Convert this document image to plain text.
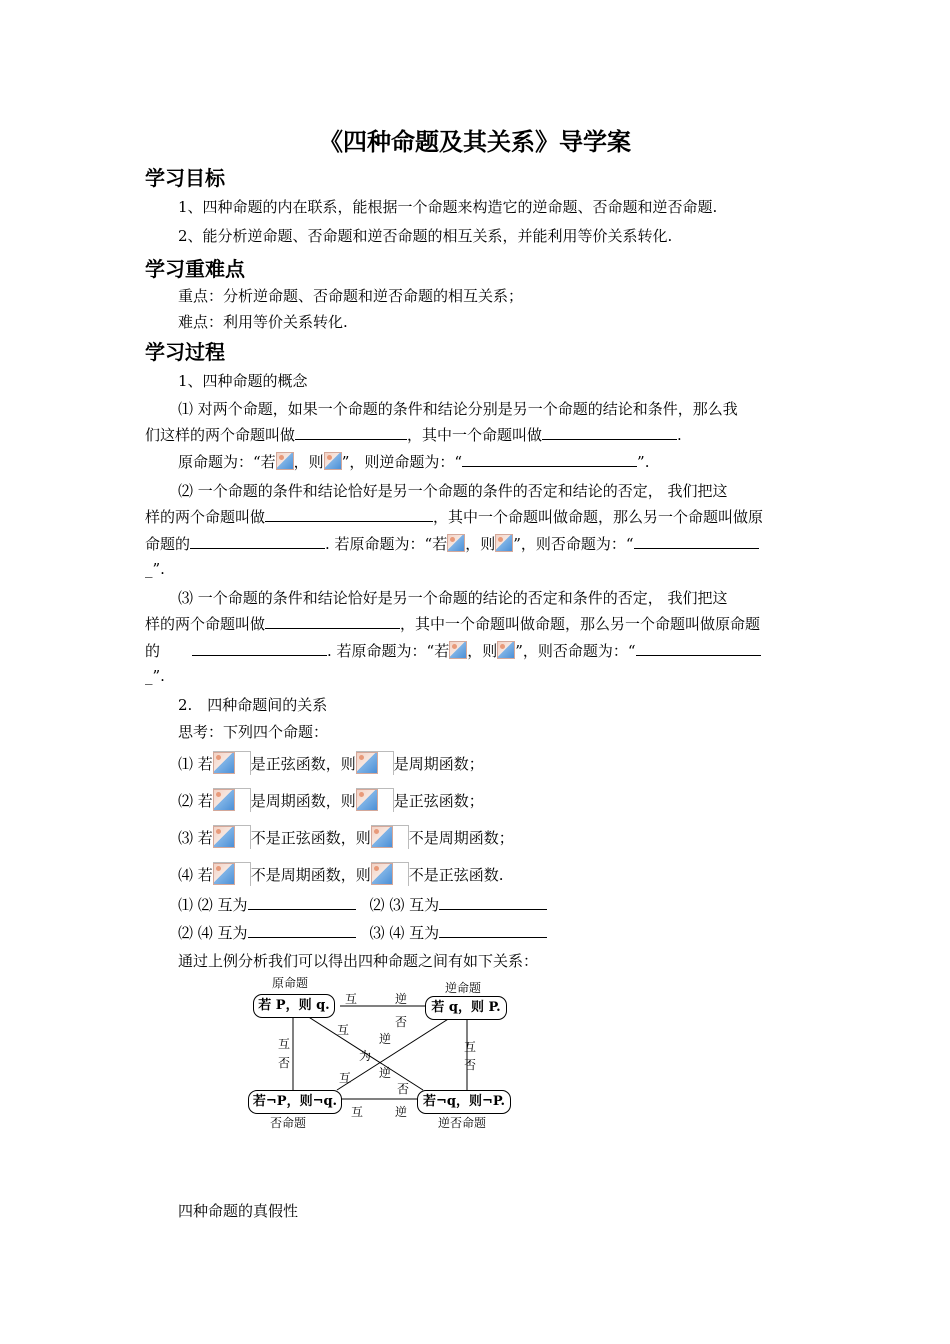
《四种命题及其关系》导学案
学习目标
1、四种命题的内在联系，能根据一个命题来构造它的逆命题、否命题和逆否命题.
2、能分析逆命题、否命题和逆否命题的相互关系，并能利用等价关系转化.
学习重难点
重点：分析逆命题、否命题和逆否命题的相互关系；
难点：利用等价关系转化.
学习过程
1、四种命题的概念
⑴ 对两个命题，如果一个命题的条件和结论分别是另一个命题的结论和条件，那么我
们这样的两个命题叫做	，其中一个命题叫做	.
原命题为：“若 ，则 ”，则逆命题为：“	”.
⑵ 一个命题的条件和结论恰好是另一个命题的条件的否定和结论的否定， 我们把这
样的两个命题叫做	，其中一个命题叫做命题，那么另一个命题叫做原
命题的	. 若原命题为：“若 ，则 ”，则否命题为：“
_”.
⑶ 一个命题的条件和结论恰好是另一个命题的结论的否定和条件的否定， 我们把这
样的两个命题叫做	，其中一个命题叫做命题，那么另一个命题叫做原命题
的	. 若原命题为：“若 ，则 ”，则否命题为：“
_”.
2.　四种命题间的关系
思考：下列四个命题：
⑴ 若	是正弦函数，则	是周期函数；
⑵ 若	是周期函数，则	是正弦函数；
⑶ 若	不是正弦函数，则	不是周期函数；
⑷ 若	不是周期函数，则	不是正弦函数.
⑴ ⑵ 互为	⑵ ⑶ 互为
⑵ ⑷ 互为	⑶ ⑷ 互为
通过上例分析我们可以得出四种命题之间有如下关系：
原命题
若 P，则 q.
逆命题
若 q，则 P.
若¬P，则¬q.
否命题
若¬q，则¬P.
逆否命题
互	逆
互	逆
互
否
互
否
互
逆
否
为
逆
互
否
四种命题的真假性
